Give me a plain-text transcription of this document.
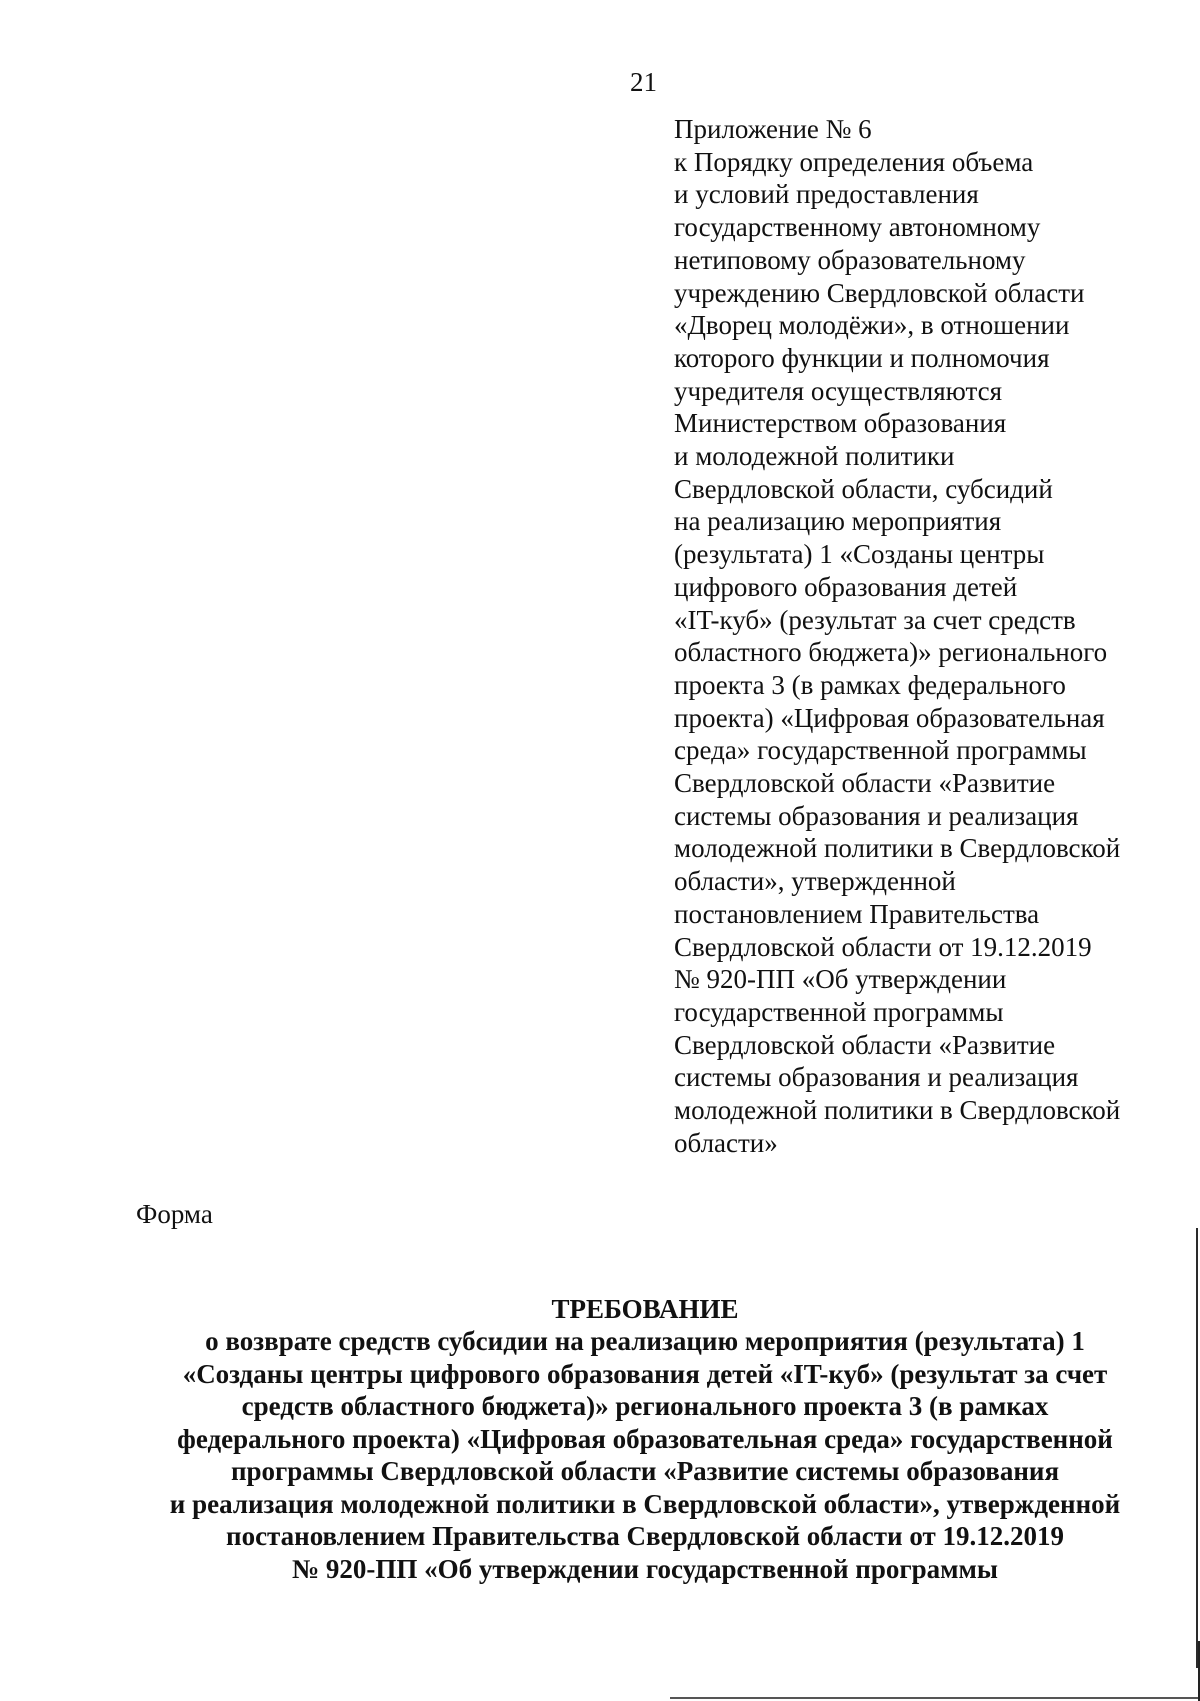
21
Приложение № 6
к Порядку определения объема
и условий предоставления
государственному автономному
нетиповому образовательному
учреждению Свердловской области
«Дворец молодёжи», в отношении
которого функции и полномочия
учредителя осуществляются
Министерством образования
и молодежной политики
Свердловской области, субсидий
на реализацию мероприятия
(результата) 1 «Созданы центры
цифрового образования детей
«IT-куб» (результат за счет средств
областного бюджета)» регионального
проекта 3 (в рамках федерального
проекта) «Цифровая образовательная
среда» государственной программы
Свердловской области «Развитие
системы образования и реализация
молодежной политики в Свердловской
области», утвержденной
постановлением Правительства
Свердловской области от 19.12.2019
№ 920-ПП «Об утверждении
государственной программы
Свердловской области «Развитие
системы образования и реализация
молодежной политики в Свердловской
области»
Форма

ТРЕБОВАНИЕ

о возврате средств субсидии на реализацию мероприятия (результата) 1
«Созданы центры цифрового образования детей «IT-куб» (результат за счет
средств областного бюджета)» регионального проекта 3 (в рамках
федерального проекта) «Цифровая образовательная среда» государственной
программы Свердловской области «Развитие системы образования
и реализация молодежной политики в Свердловской области», утвержденной
постановлением Правительства Свердловской области от 19.12.2019
№ 920-ПП «Об утверждении государственной программы
